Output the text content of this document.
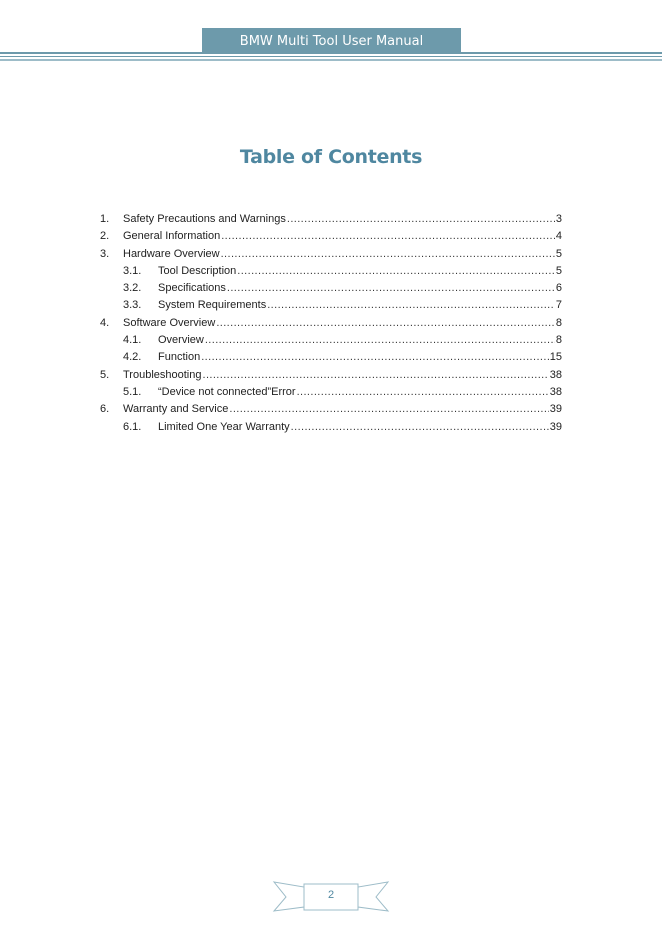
BMW Multi Tool User Manual
Table of Contents
1.	Safety Precautions and Warnings .....	3
2.	General Information .....	4
3.	Hardware Overview .....	5
3.1.	Tool Description .....	5
3.2.	Specifications .....	6
3.3.	System Requirements .....	7
4.	Software Overview .....	8
4.1.	Overview .....	8
4.2.	Function .....	15
5.	Troubleshooting .....	38
5.1.	“Device not connected”Error .....	38
6.	Warranty and Service .....	39
6.1.	Limited One Year Warranty .....	39
2
